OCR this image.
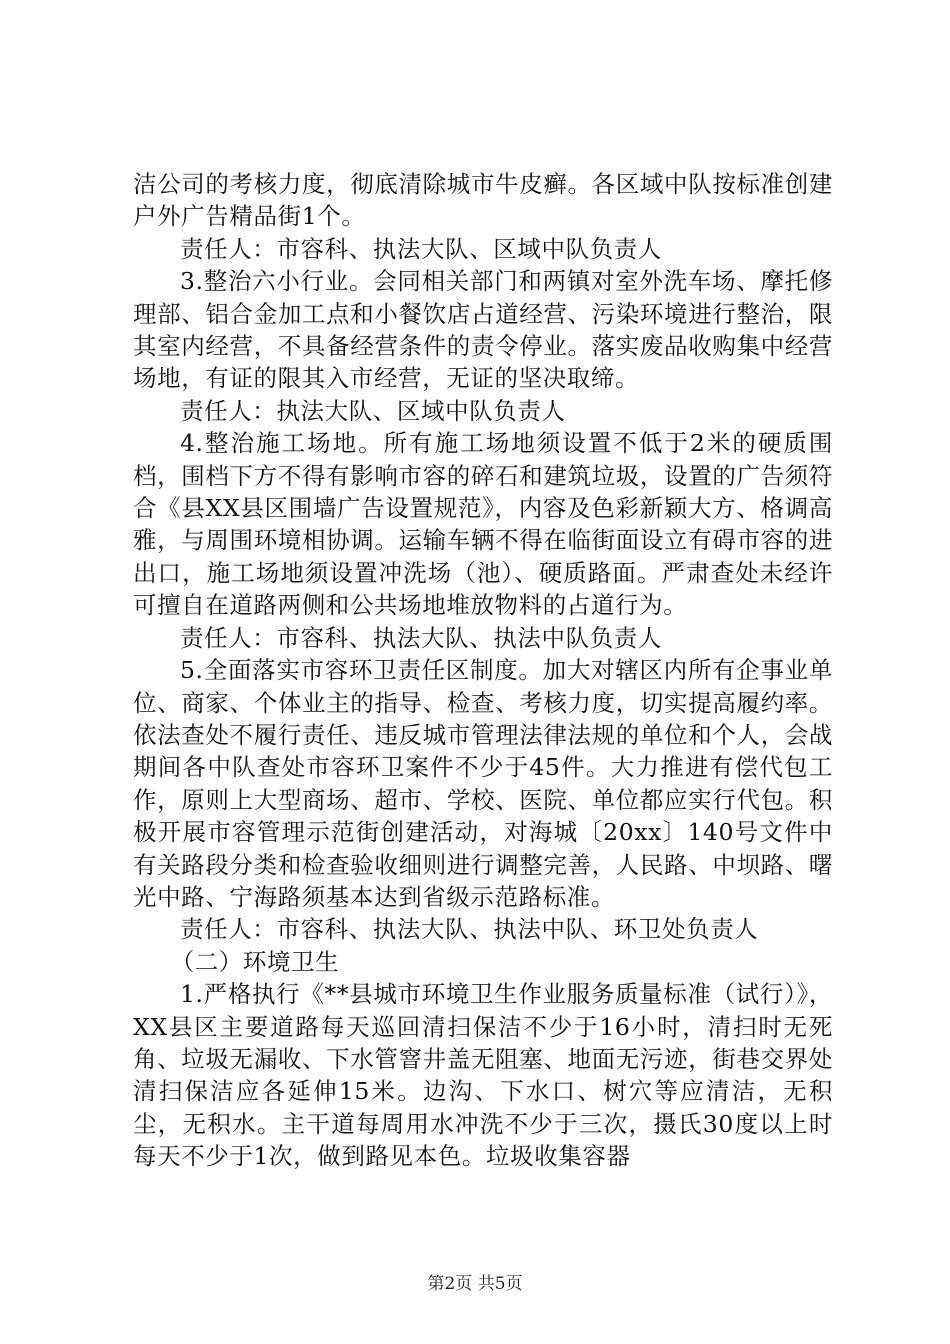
洁公司的考核力度，彻底清除城市牛皮癣。各区域中队按标准创建户外广告精品街1个。

责任人：市容科、执法大队、区域中队负责人

3.整治六小行业。会同相关部门和两镇对室外洗车场、摩托修理部、铝合金加工点和小餐饮店占道经营、污染环境进行整治，限其室内经营，不具备经营条件的责令停业。落实废品收购集中经营场地，有证的限其入市经营，无证的坚决取缔。

责任人：执法大队、区域中队负责人

4.整治施工场地。所有施工场地须设置不低于2米的硬质围档，围档下方不得有影响市容的碎石和建筑垃圾，设置的广告须符合《县XX县区围墙广告设置规范》，内容及色彩新颖大方、格调高雅，与周围环境相协调。运输车辆不得在临街面设立有碍市容的进出口，施工场地须设置冲洗场（池）、硬质路面。严肃查处未经许可擅自在道路两侧和公共场地堆放物料的占道行为。

责任人：市容科、执法大队、执法中队负责人

5.全面落实市容环卫责任区制度。加大对辖区内所有企事业单位、商家、个体业主的指导、检查、考核力度，切实提高履约率。依法查处不履行责任、违反城市管理法律法规的单位和个人，会战期间各中队查处市容环卫案件不少于45件。大力推进有偿代包工作，原则上大型商场、超市、学校、医院、单位都应实行代包。积极开展市容管理示范街创建活动，对海城〔20xx〕140号文件中有关路段分类和检查验收细则进行调整完善，人民路、中坝路、曙光中路、宁海路须基本达到省级示范路标准。

责任人：市容科、执法大队、执法中队、环卫处负责人

（二）环境卫生

1.严格执行《**县城市环境卫生作业服务质量标准（试行）》，XX县区主要道路每天巡回清扫保洁不少于16小时，清扫时无死角、垃圾无漏收、下水管窨井盖无阻塞、地面无污迹，街巷交界处清扫保洁应各延伸15米。边沟、下水口、树穴等应清洁，无积尘，无积水。主干道每周用水冲洗不少于三次，摄氏30度以上时每天不少于1次，做到路见本色。垃圾收集容器

第2页 共5页
